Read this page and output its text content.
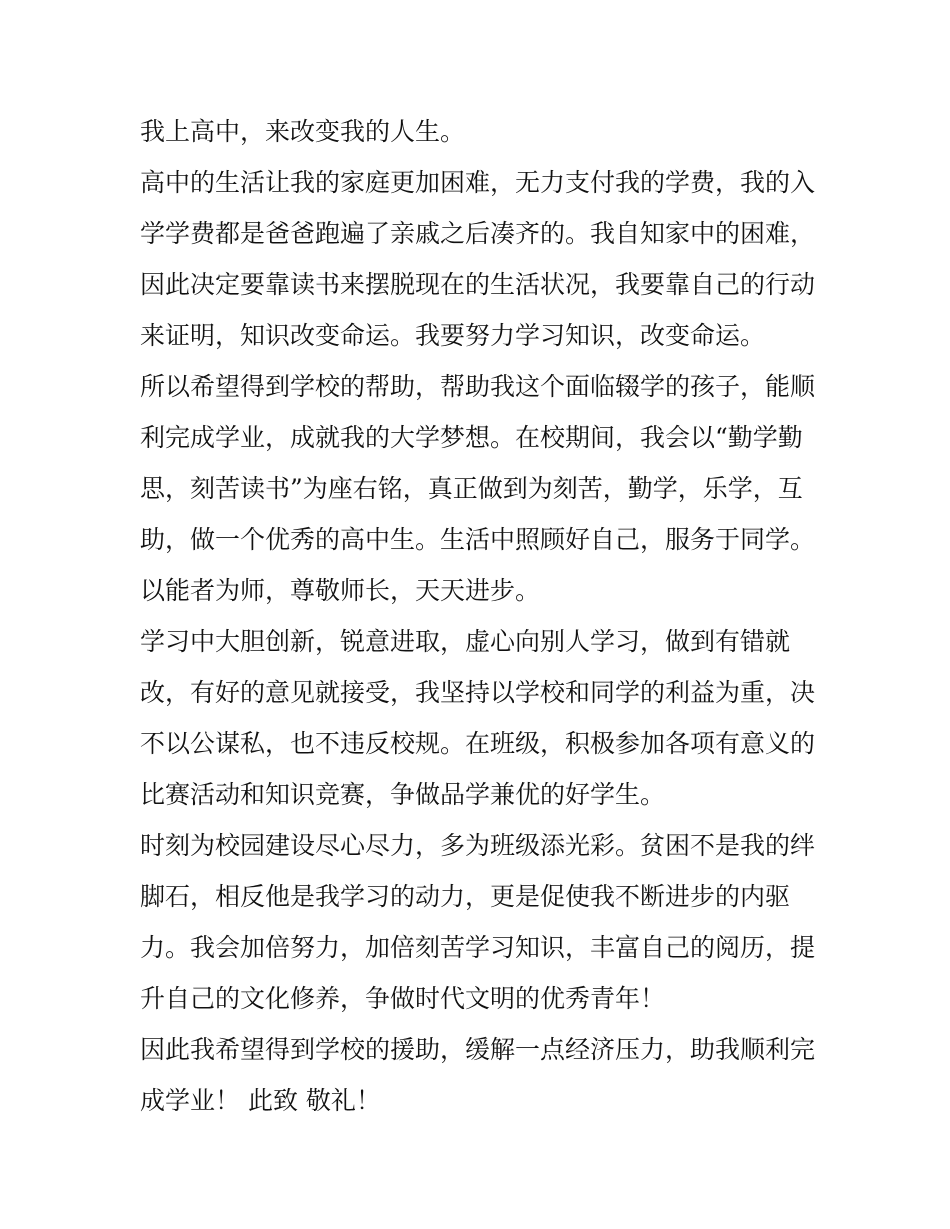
我上高中，来改变我的人生。
高中的生活让我的家庭更加困难，无力支付我的学费，我的入
学学费都是爸爸跑遍了亲戚之后凑齐的。我自知家中的困难，
因此决定要靠读书来摆脱现在的生活状况，我要靠自己的行动
来证明，知识改变命运。我要努力学习知识，改变命运。
所以希望得到学校的帮助，帮助我这个面临辍学的孩子，能顺
利完成学业，成就我的大学梦想。在校期间，我会以“勤学勤
思，刻苦读书”为座右铭，真正做到为刻苦，勤学，乐学，互
助，做一个优秀的高中生。生活中照顾好自己，服务于同学。
以能者为师，尊敬师长，天天进步。
学习中大胆创新，锐意进取，虚心向别人学习，做到有错就
改，有好的意见就接受，我坚持以学校和同学的利益为重，决
不以公谋私，也不违反校规。在班级，积极参加各项有意义的
比赛活动和知识竞赛，争做品学兼优的好学生。
时刻为校园建设尽心尽力，多为班级添光彩。贫困不是我的绊
脚石，相反他是我学习的动力，更是促使我不断进步的内驱
力。我会加倍努力，加倍刻苦学习知识，丰富自己的阅历，提
升自己的文化修养，争做时代文明的优秀青年！
因此我希望得到学校的援助，缓解一点经济压力，助我顺利完
成学业！ 此致 敬礼！
